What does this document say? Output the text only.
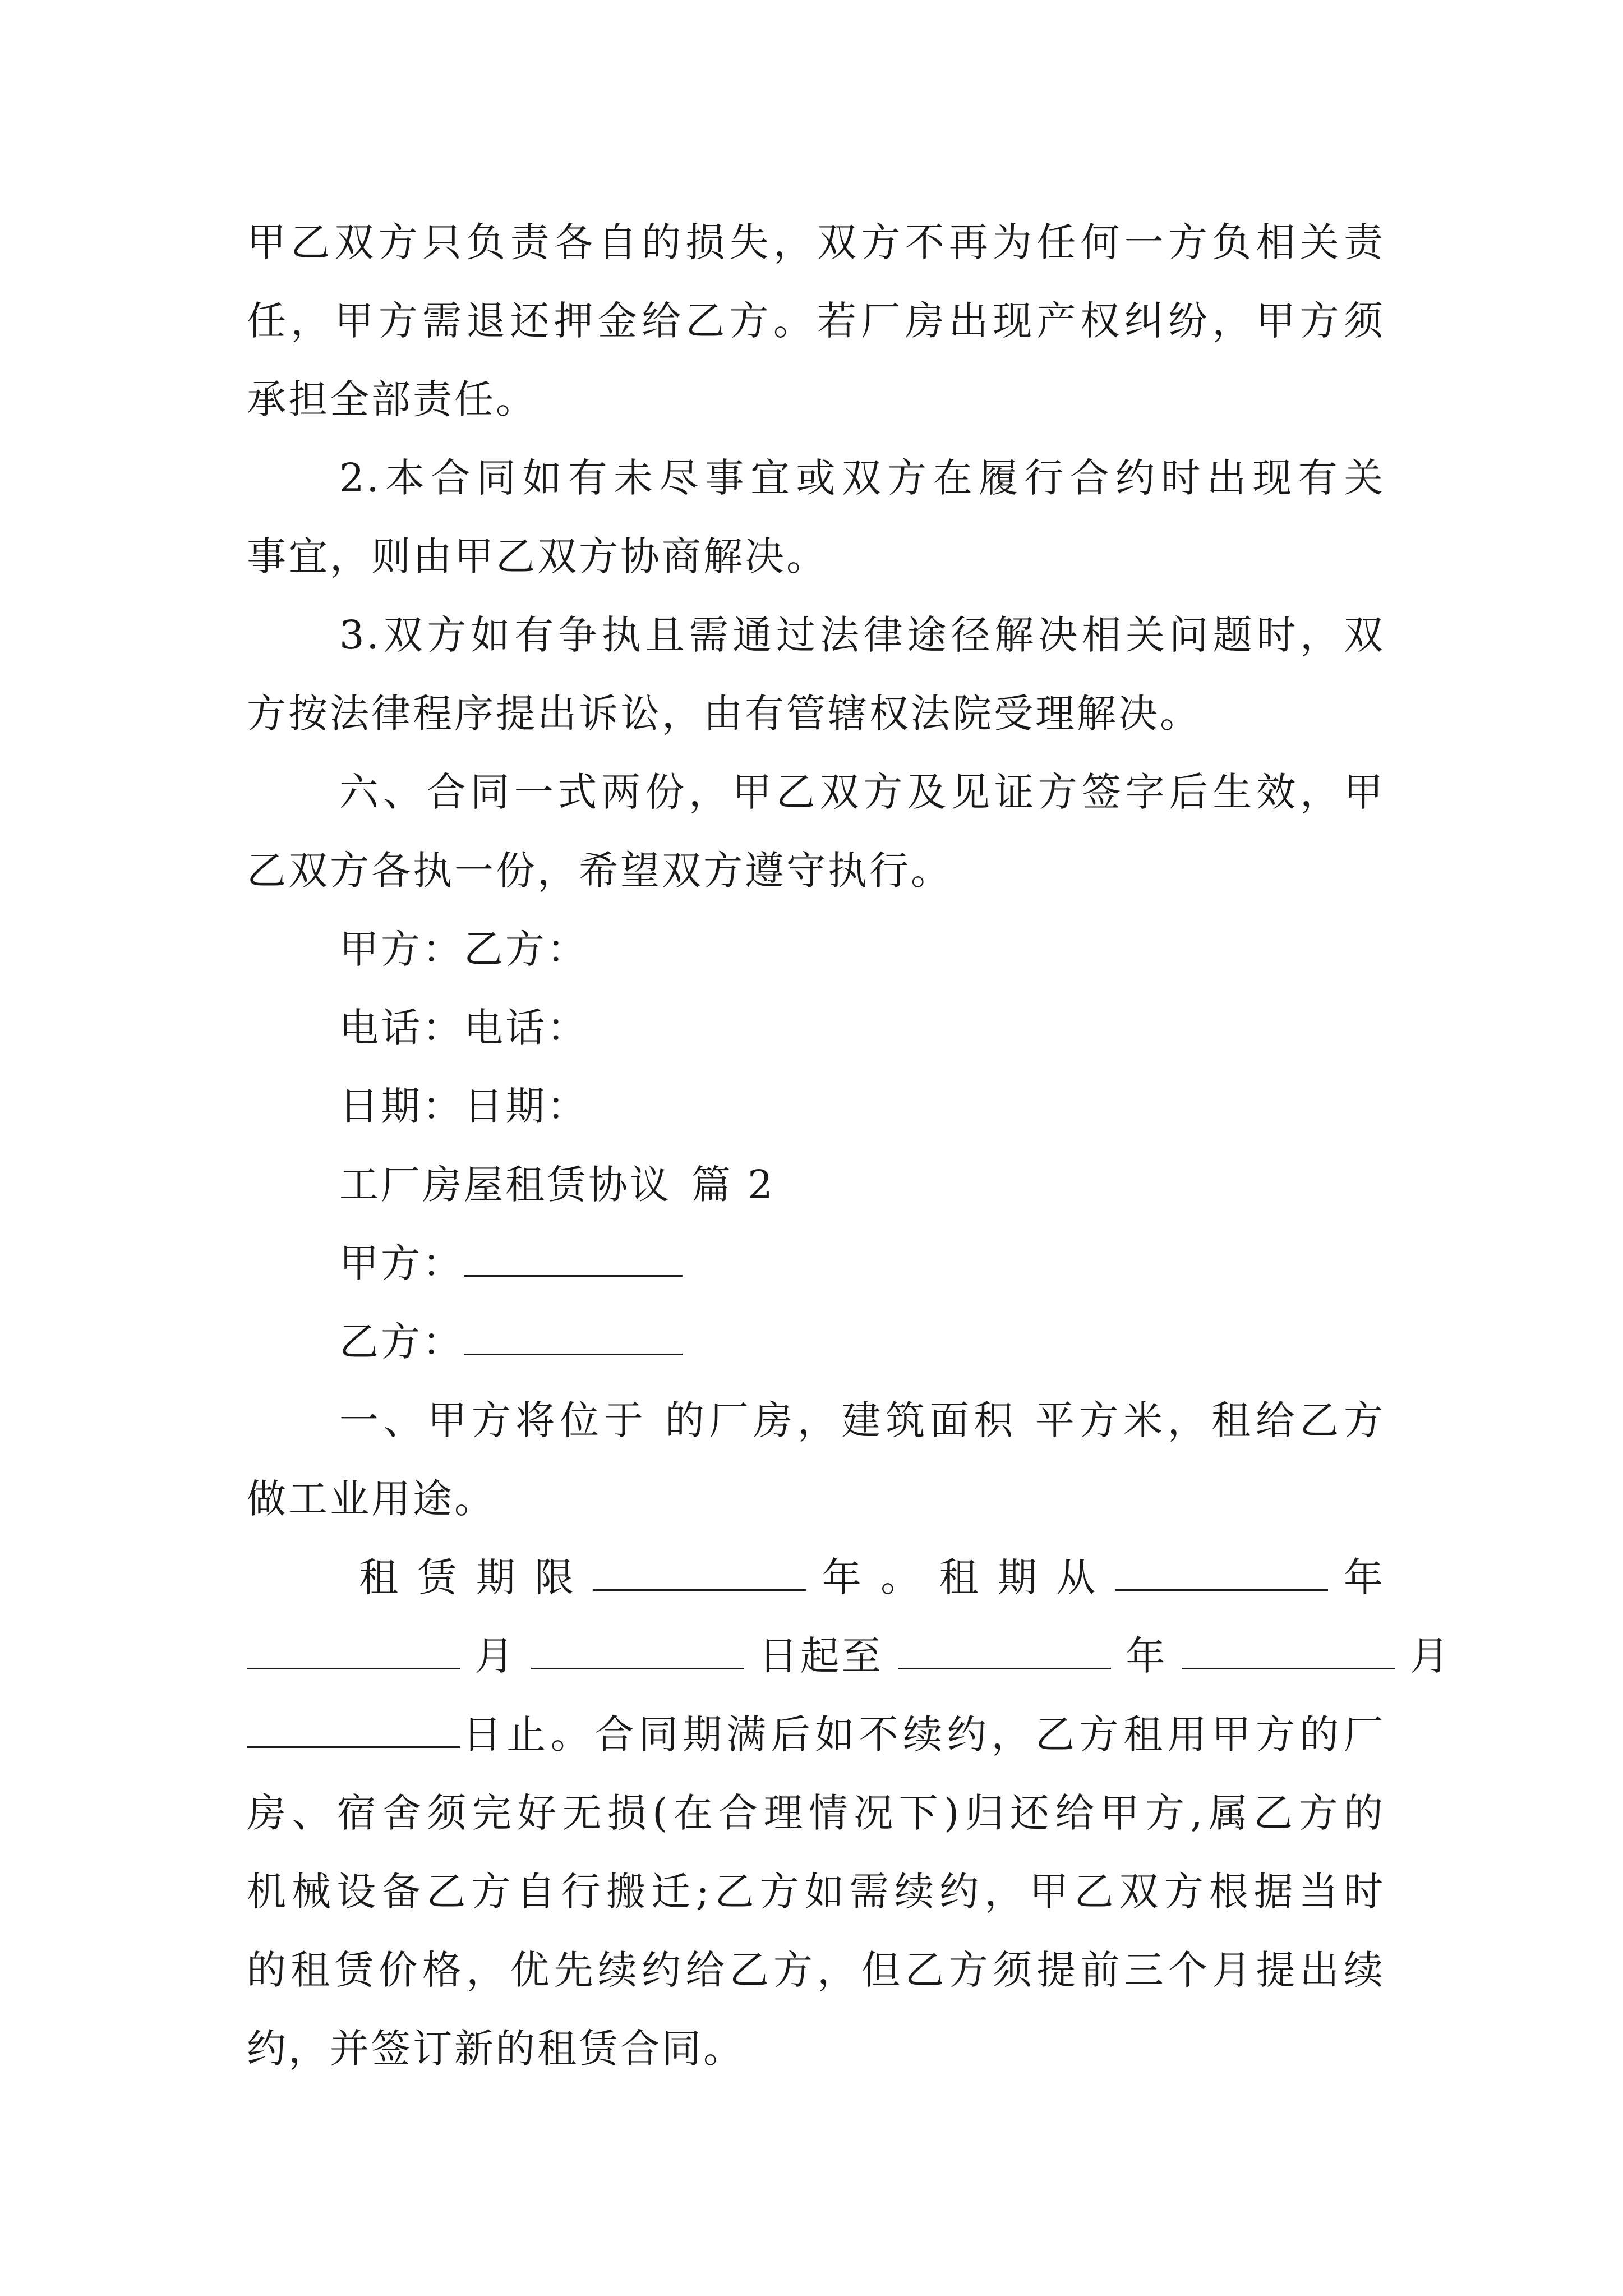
甲乙双方只负责各自的损失，双方不再为任何一方负相关责
任，甲方需退还押金给乙方。若厂房出现产权纠纷，甲方须
承担全部责任。
2.本合同如有未尽事宜或双方在履行合约时出现有关
事宜，则由甲乙双方协商解决。
3.双方如有争执且需通过法律途径解决相关问题时，双
方按法律程序提出诉讼，由有管辖权法院受理解决。
六、合同一式两份，甲乙双方及见证方签字后生效，甲
乙双方各执一份，希望双方遵守执行。
甲方：乙方：
电话：电话：
日期：日期：
工厂房屋租赁协议 篇 2
甲方：
乙方：
一、甲方将位于 的厂房，建筑面积 平方米，租给乙方
做工业用途。
租 赁 期 限	年 。 租 期 从	年
月	日起至	年	月
日止。合同期满后如不续约，乙方租用甲方的厂
房、宿舍须完好无损(在合理情况下)归还给甲方,属乙方的
机械设备乙方自行搬迁;乙方如需续约，甲乙双方根据当时
的租赁价格，优先续约给乙方，但乙方须提前三个月提出续
约，并签订新的租赁合同。
